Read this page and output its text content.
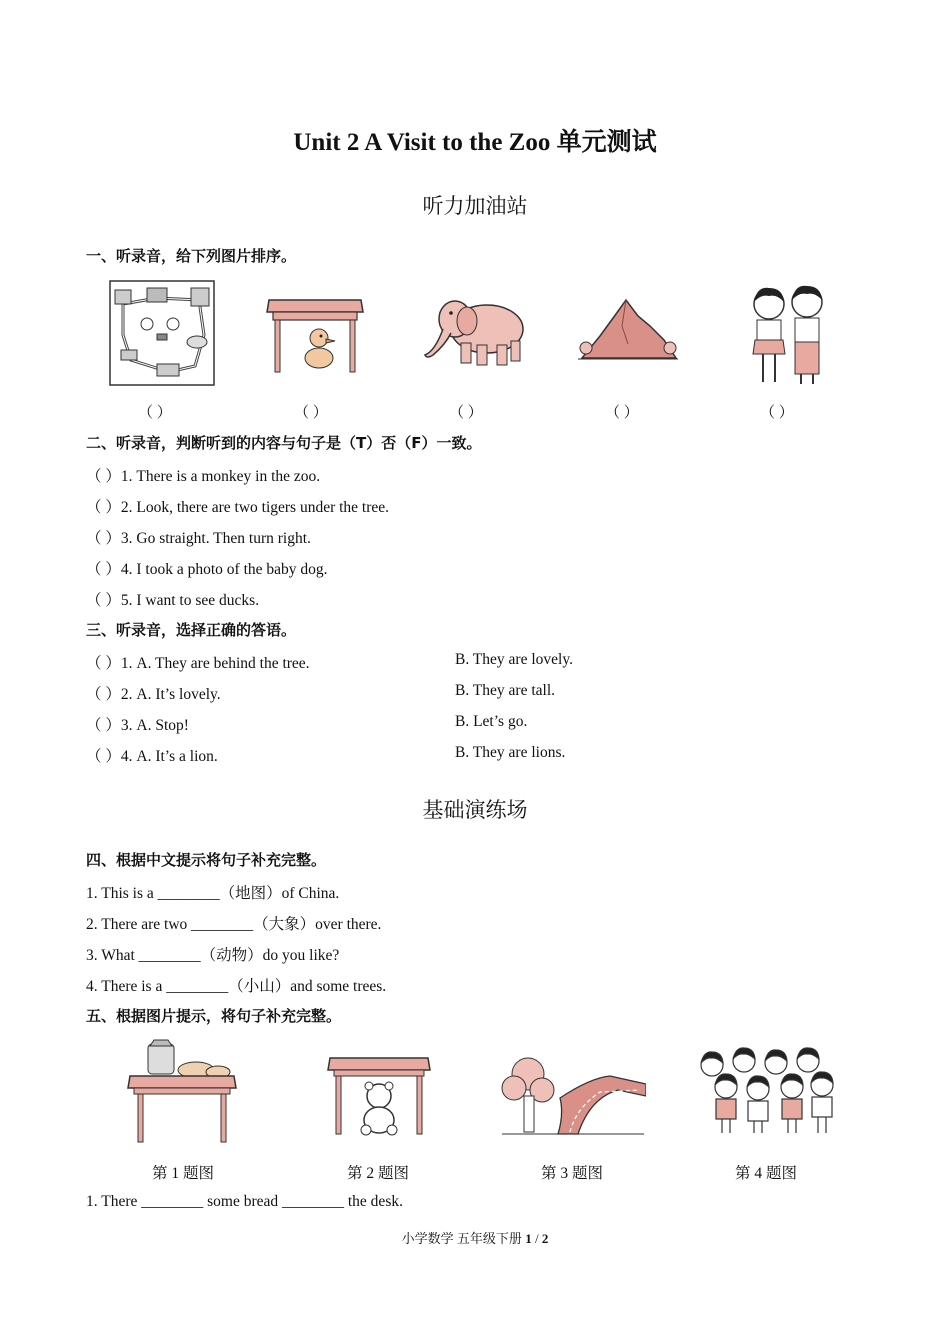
Unit 2 A Visit to the Zoo 单元测试
听力加油站
一、听录音，给下列图片排序。
（ ）	（ ）	（ ）	（ ）	（ ）
二、听录音，判断听到的内容与句子是（T）否（F）一致。
（ ）1. There is a monkey in the zoo.
（ ）2. Look, there are two tigers under the tree.
（ ）3. Go straight. Then turn right.
（ ）4. I took a photo of the baby dog.
（ ）5. I want to see ducks.
三、听录音，选择正确的答语。
（ ）1. A. They are behind the tree.	B. They are lovely.
（ ）2. A. It’s lovely.	B. They are tall.
（ ）3. A. Stop!	B. Let’s go.
（ ）4. A. It’s a lion.	B. They are lions.
基础演练场
四、根据中文提示将句子补充完整。
1. This is a ________（地图）of China.
2. There are two ________（大象）over there.
3. What ________（动物）do you like?
4. There is a ________（小山）and some trees.
五、根据图片提示，将句子补充完整。
第 1 题图	第 2 题图	第 3 题图	第 4 题图
1. There ________ some bread ________ the desk.
小学数学 五年级下册 1 / 2
